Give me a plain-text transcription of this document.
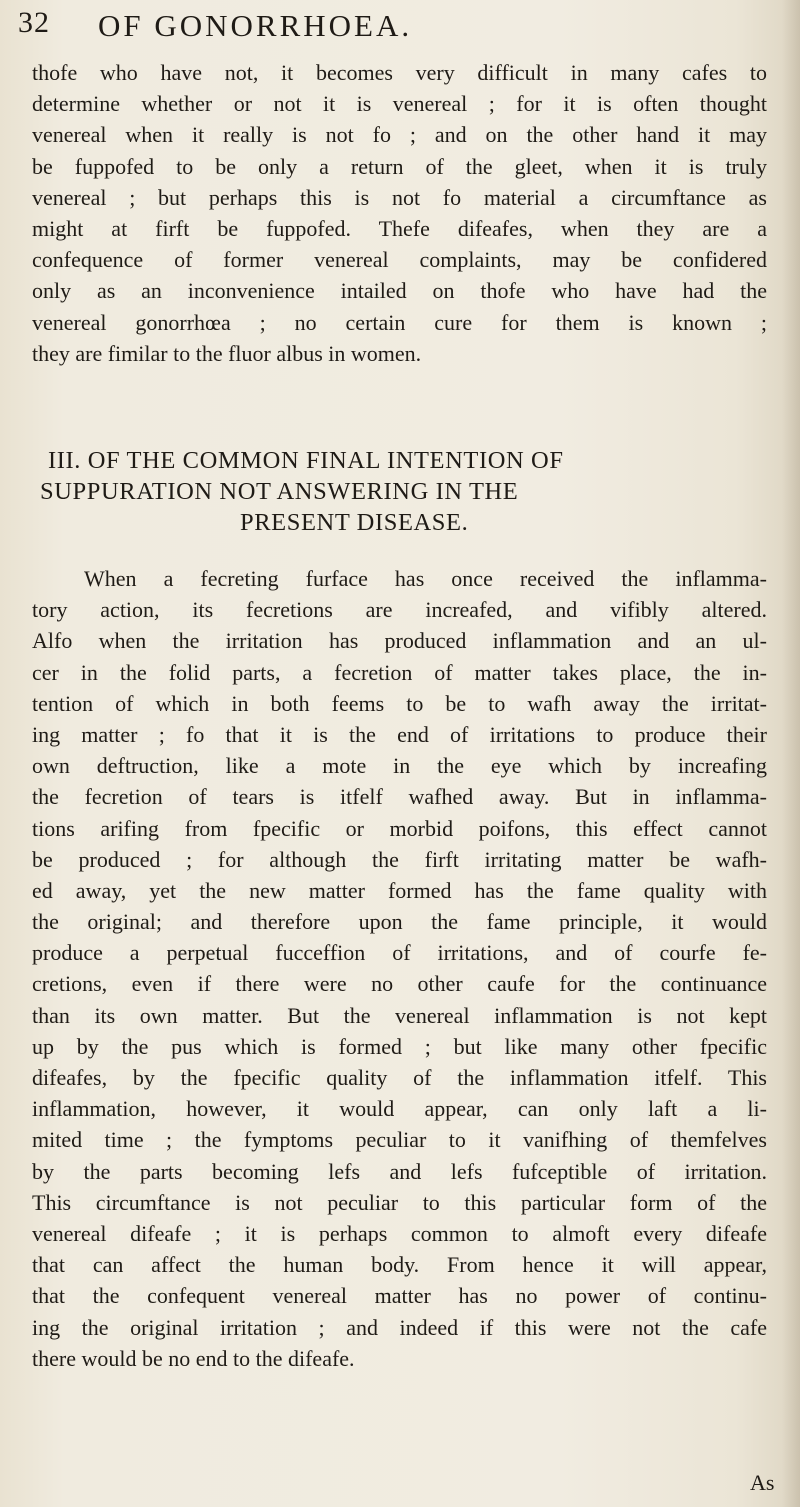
32 OF GONORRHOEA.
thofe who have not, it becomes very difficult in many cafes to
determine whether or not it is venereal ; for it is often thought
venereal when it really is not fo ; and on the other hand it may
be fuppofed to be only a return of the gleet, when it is truly
venereal ; but perhaps this is not fo material a circumftance as
might at firft be fuppofed. Thefe difeafes, when they are a
confequence of former venereal complaints, may be confidered
only as an inconvenience intailed on thofe who have had the
venereal gonorrhœa ; no certain cure for them is known ;
they are fimilar to the fluor albus in women.
III. OF THE COMMON FINAL INTENTION OF
SUPPURATION NOT ANSWERING IN THE
PRESENT DISEASE.
When a fecreting furface has once received the inflamma-
tory action, its fecretions are increafed, and vifibly altered.
Alfo when the irritation has produced inflammation and an ul-
cer in the folid parts, a fecretion of matter takes place, the in-
tention of which in both feems to be to wafh away the irritat-
ing matter ; fo that it is the end of irritations to produce their
own deftruction, like a mote in the eye which by increafing
the fecretion of tears is itfelf wafhed away. But in inflamma-
tions arifing from fpecific or morbid poifons, this effect cannot
be produced ; for although the firft irritating matter be wafh-
ed away, yet the new matter formed has the fame quality with
the original; and therefore upon the fame principle, it would
produce a perpetual fucceffion of irritations, and of courfe fe-
cretions, even if there were no other caufe for the continuance
than its own matter. But the venereal inflammation is not kept
up by the pus which is formed ; but like many other fpecific
difeafes, by the fpecific quality of the inflammation itfelf. This
inflammation, however, it would appear, can only laft a li-
mited time ; the fymptoms peculiar to it vanifhing of themfelves
by the parts becoming lefs and lefs fufceptible of irritation.
This circumftance is not peculiar to this particular form of the
venereal difeafe ; it is perhaps common to almoft every difeafe
that can affect the human body. From hence it will appear,
that the confequent venereal matter has no power of continu-
ing the original irritation ; and indeed if this were not the cafe
there would be no end to the difeafe.
As
